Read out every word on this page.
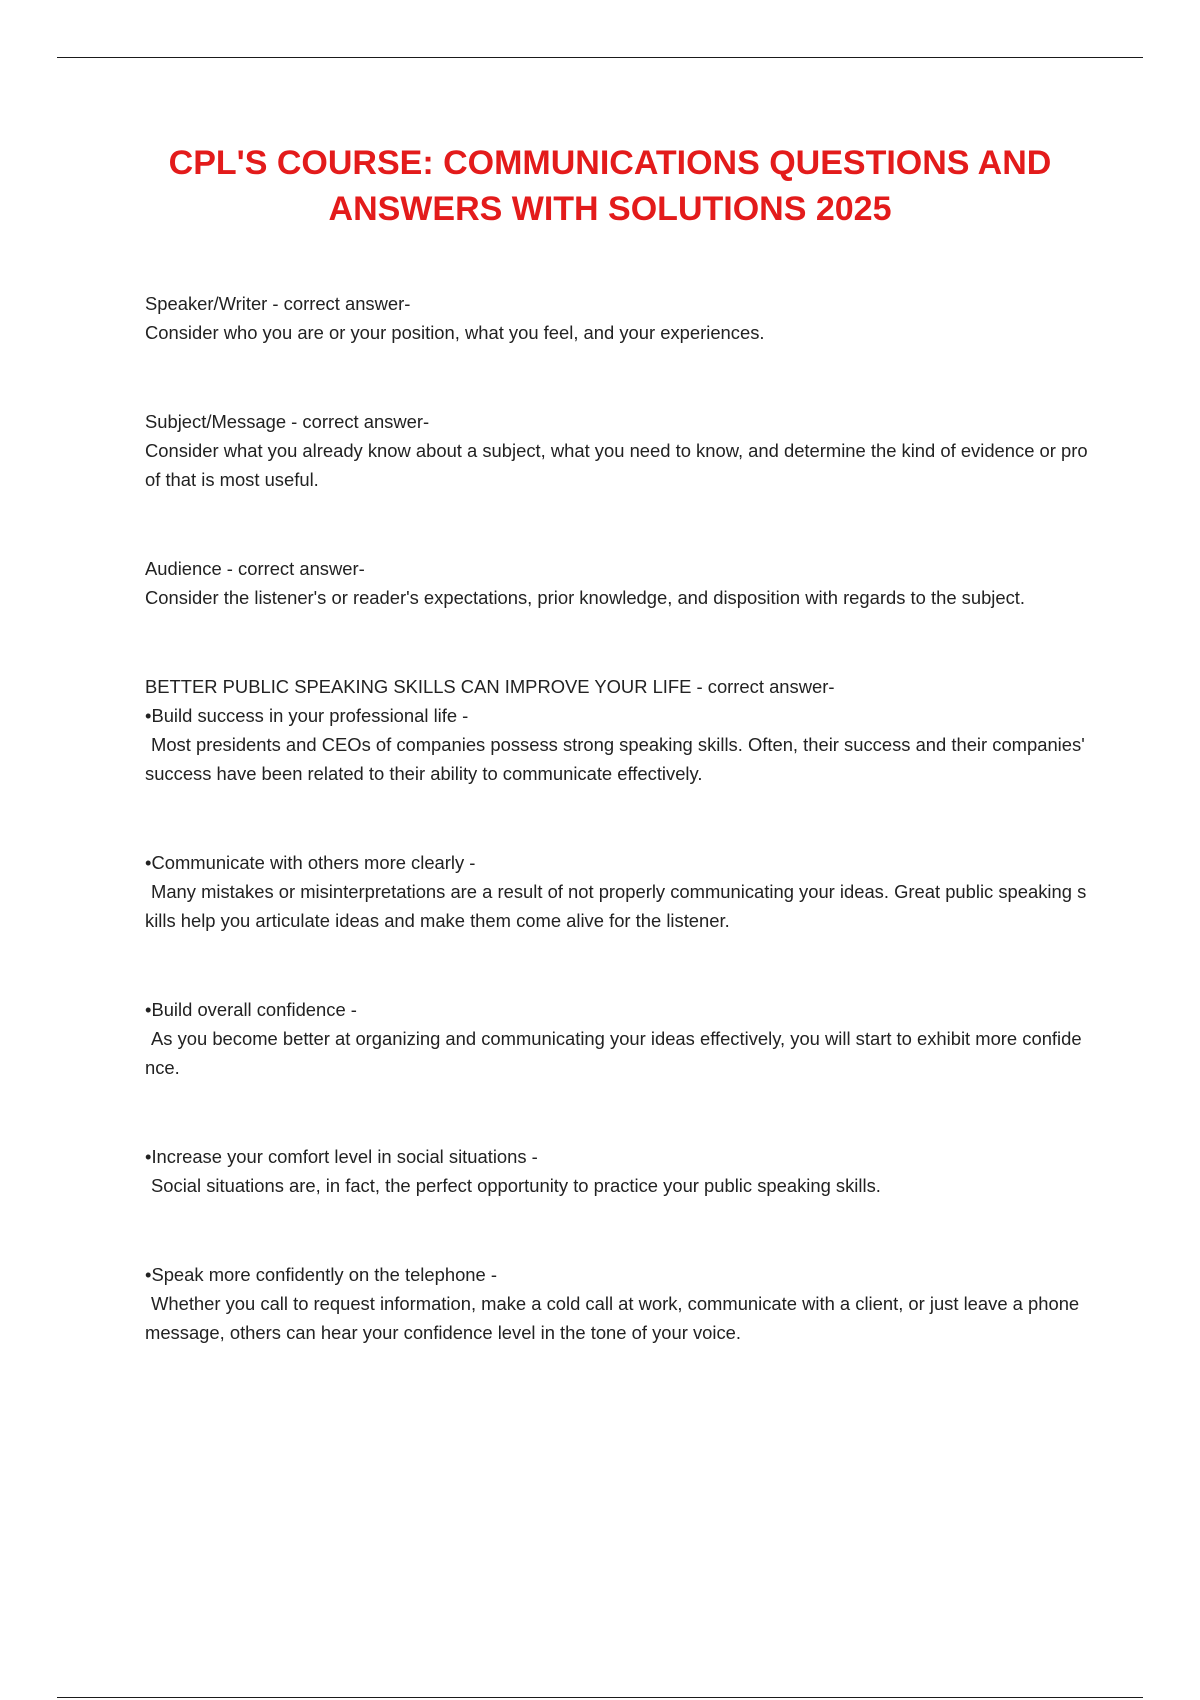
CPL'S COURSE: COMMUNICATIONS QUESTIONS AND ANSWERS WITH SOLUTIONS 2025

Speaker/Writer - correct answer-

Consider who you are or your position, what you feel, and your experiences.

Subject/Message - correct answer-

Consider what you already know about a subject, what you need to know, and determine the kind of evidence or proof that is most useful.

Audience - correct answer-

Consider the listener's or reader's expectations, prior knowledge, and disposition with regards to the subject.

BETTER PUBLIC SPEAKING SKILLS CAN IMPROVE YOUR LIFE - correct answer-

•Build success in your professional life -

Most presidents and CEOs of companies possess strong speaking skills. Often, their success and their companies' success have been related to their ability to communicate effectively.

•Communicate with others more clearly -

Many mistakes or misinterpretations are a result of not properly communicating your ideas. Great public speaking skills help you articulate ideas and make them come alive for the listener.

•Build overall confidence -

As you become better at organizing and communicating your ideas effectively, you will start to exhibit more confidence.

•Increase your comfort level in social situations -

Social situations are, in fact, the perfect opportunity to practice your public speaking skills.

•Speak more confidently on the telephone -

Whether you call to request information, make a cold call at work, communicate with a client, or just leave a phone message, others can hear your confidence level in the tone of your voice.
